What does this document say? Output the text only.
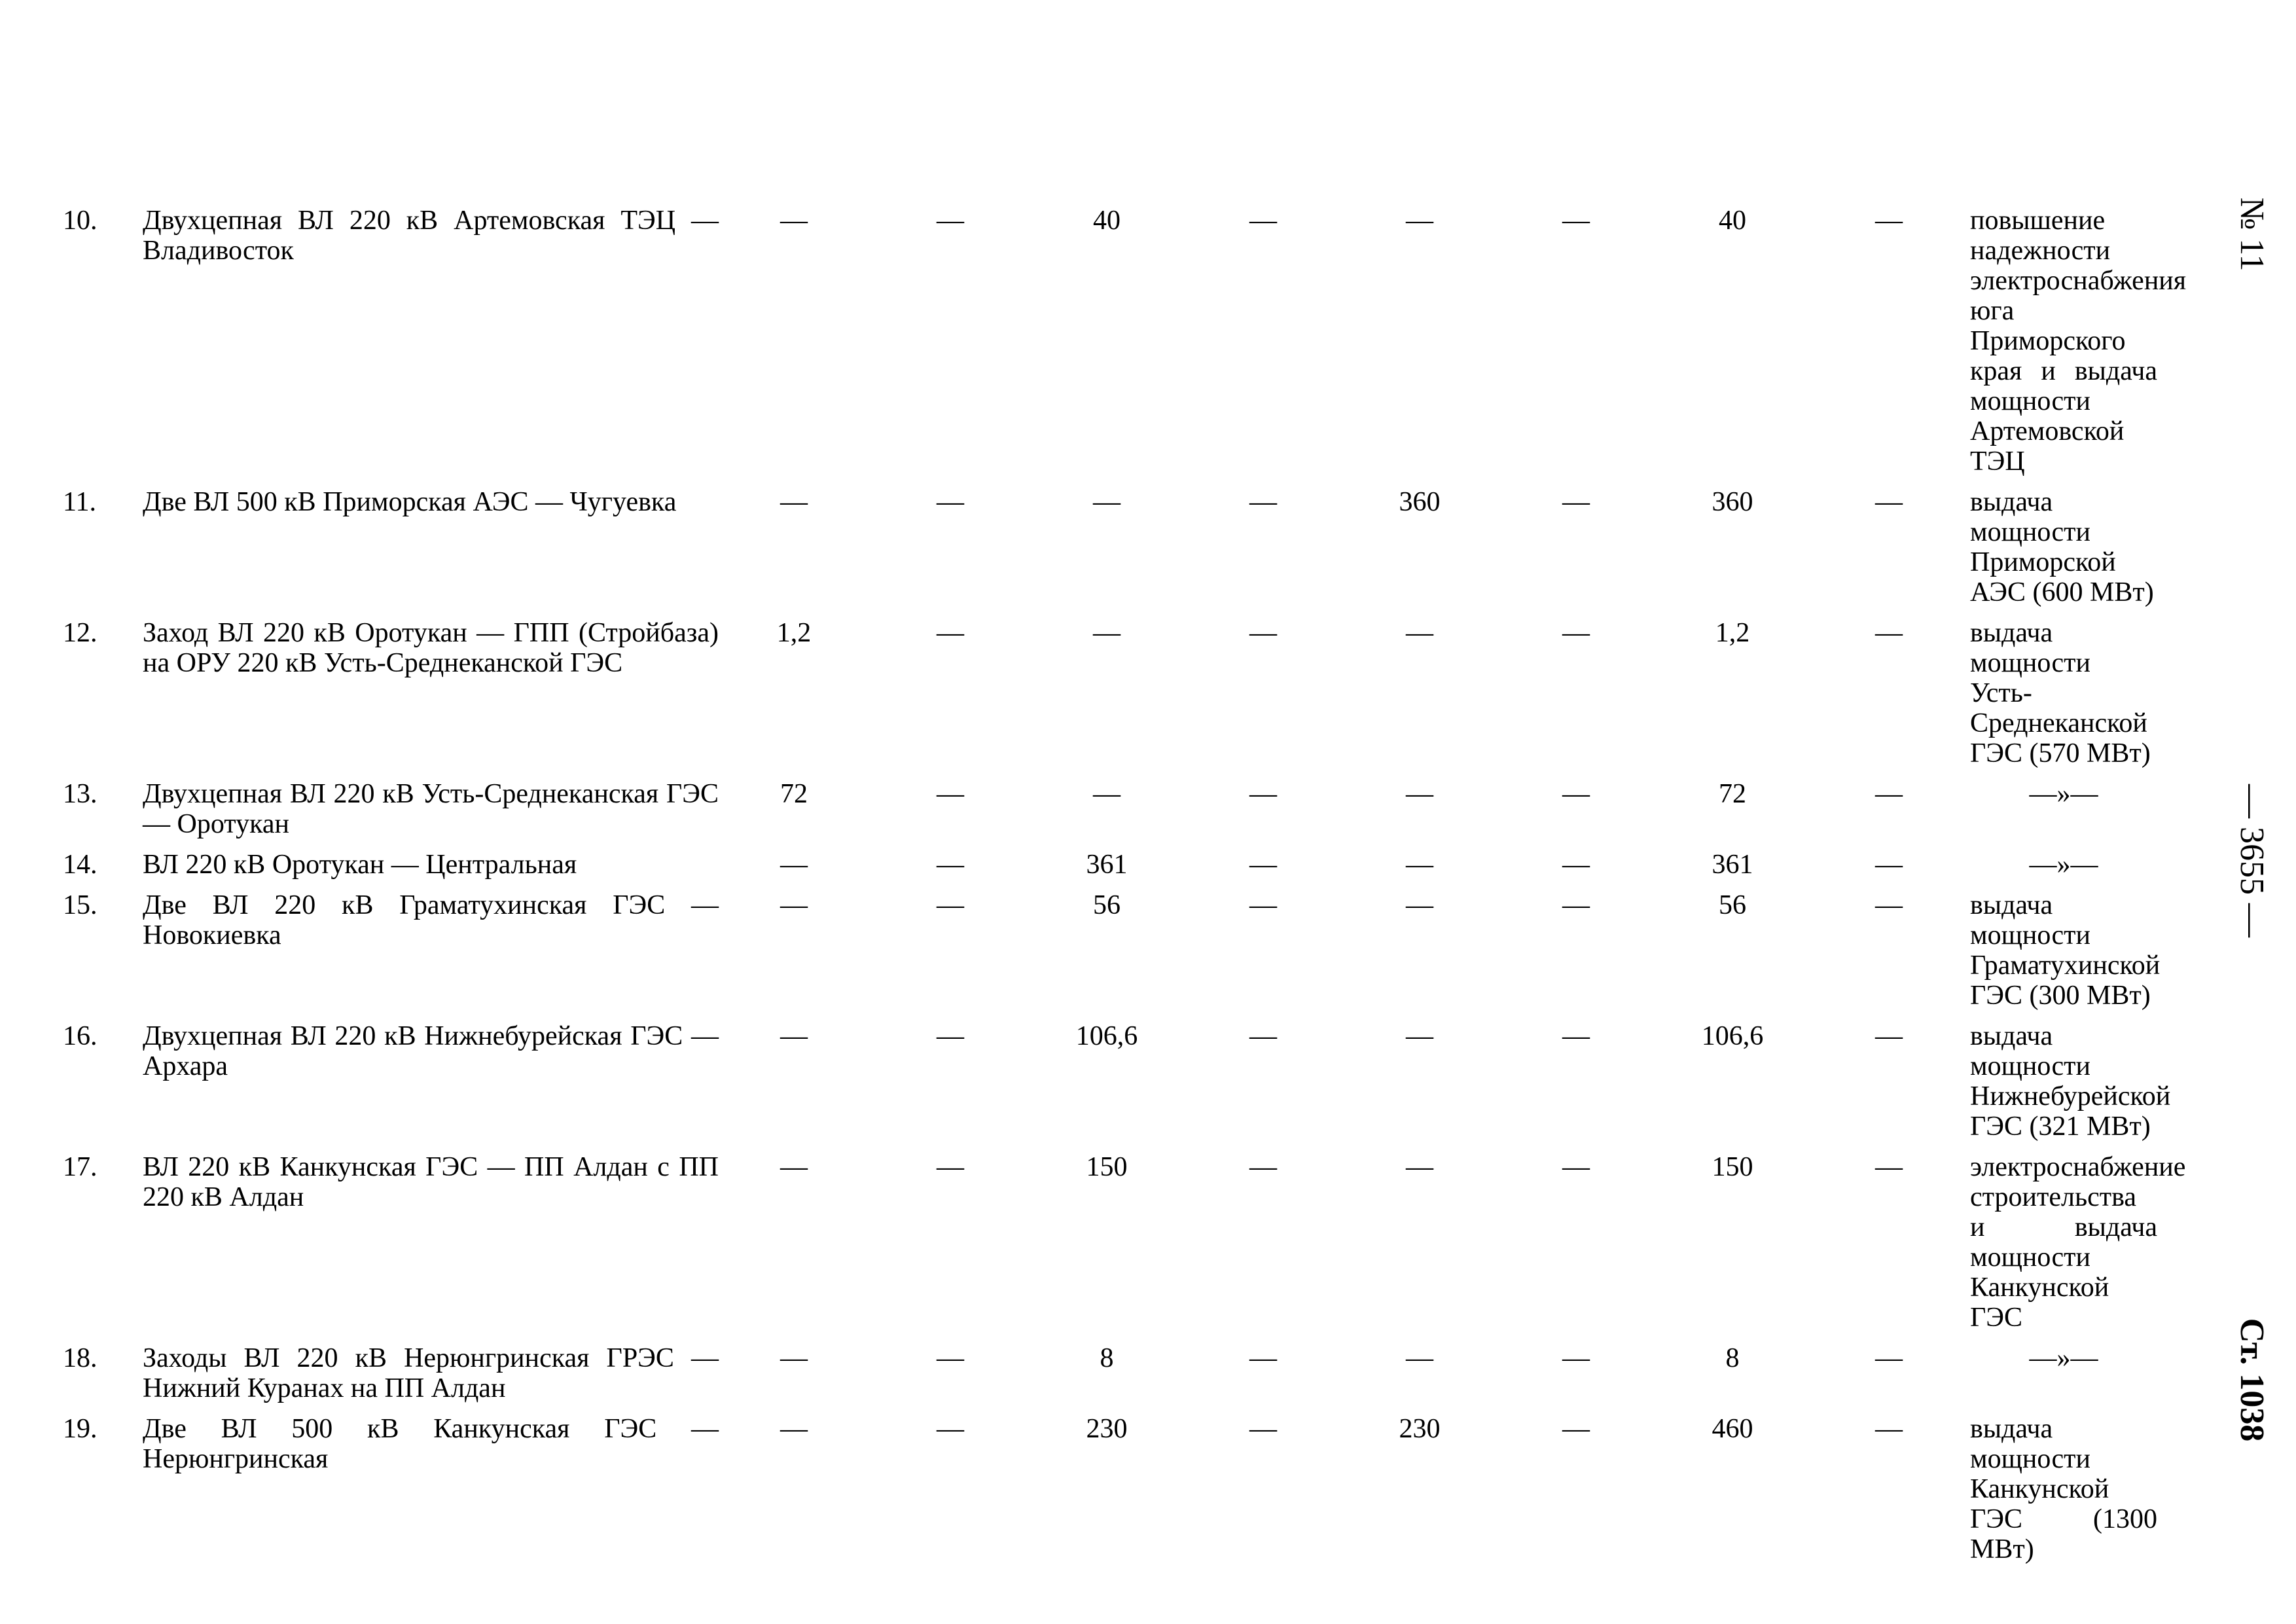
10.	Двухцепная ВЛ 220 кВ Артемовская ТЭЦ — Владивосток	—	—	40	—	—	—	40	—	повышение надежности электроснабжения юга Приморского края и выдача мощности Артемовской ТЭЦ
11.	Две ВЛ 500 кВ Приморская АЭС — Чугуевка	—	—	—	—	360	—	360	—	выдача мощности Приморской АЭС (600 МВт)
12.	Заход ВЛ 220 кВ Оротукан — ГПП (Стройбаза) на ОРУ 220 кВ Усть-Среднеканской ГЭС	1,2	—	—	—	—	—	1,2	—	выдача мощности Усть-Среднеканской ГЭС (570 МВт)
13.	Двухцепная ВЛ 220 кВ Усть-Среднеканская ГЭС — Оротукан	72	—	—	—	—	—	72	—	—»—
14.	ВЛ 220 кВ Оротукан — Центральная	—	—	361	—	—	—	361	—	—»—
15.	Две ВЛ 220 кВ Граматухинская ГЭС — Новокиевка	—	—	56	—	—	—	56	—	выдача мощности Граматухинской ГЭС (300 МВт)
16.	Двухцепная ВЛ 220 кВ Нижнебурейская ГЭС — Архара	—	—	106,6	—	—	—	106,6	—	выдача мощности Нижнебурейской ГЭС (321 МВт)
17.	ВЛ 220 кВ Канкунская ГЭС — ПП Алдан с ПП 220 кВ Алдан	—	—	150	—	—	—	150	—	электроснабжение строительства и выдача мощности Канкунской ГЭС
18.	Заходы ВЛ 220 кВ Нерюнгринская ГРЭС — Нижний Куранах на ПП Алдан	—	—	8	—	—	—	8	—	—»—
19.	Две ВЛ 500 кВ Канкунская ГЭС — Нерюнгринская	—	—	230	—	230	—	460	—	выдача мощности Канкунской ГЭС (1300 МВт)
№ 11
— 3655 —
Ст. 1038
